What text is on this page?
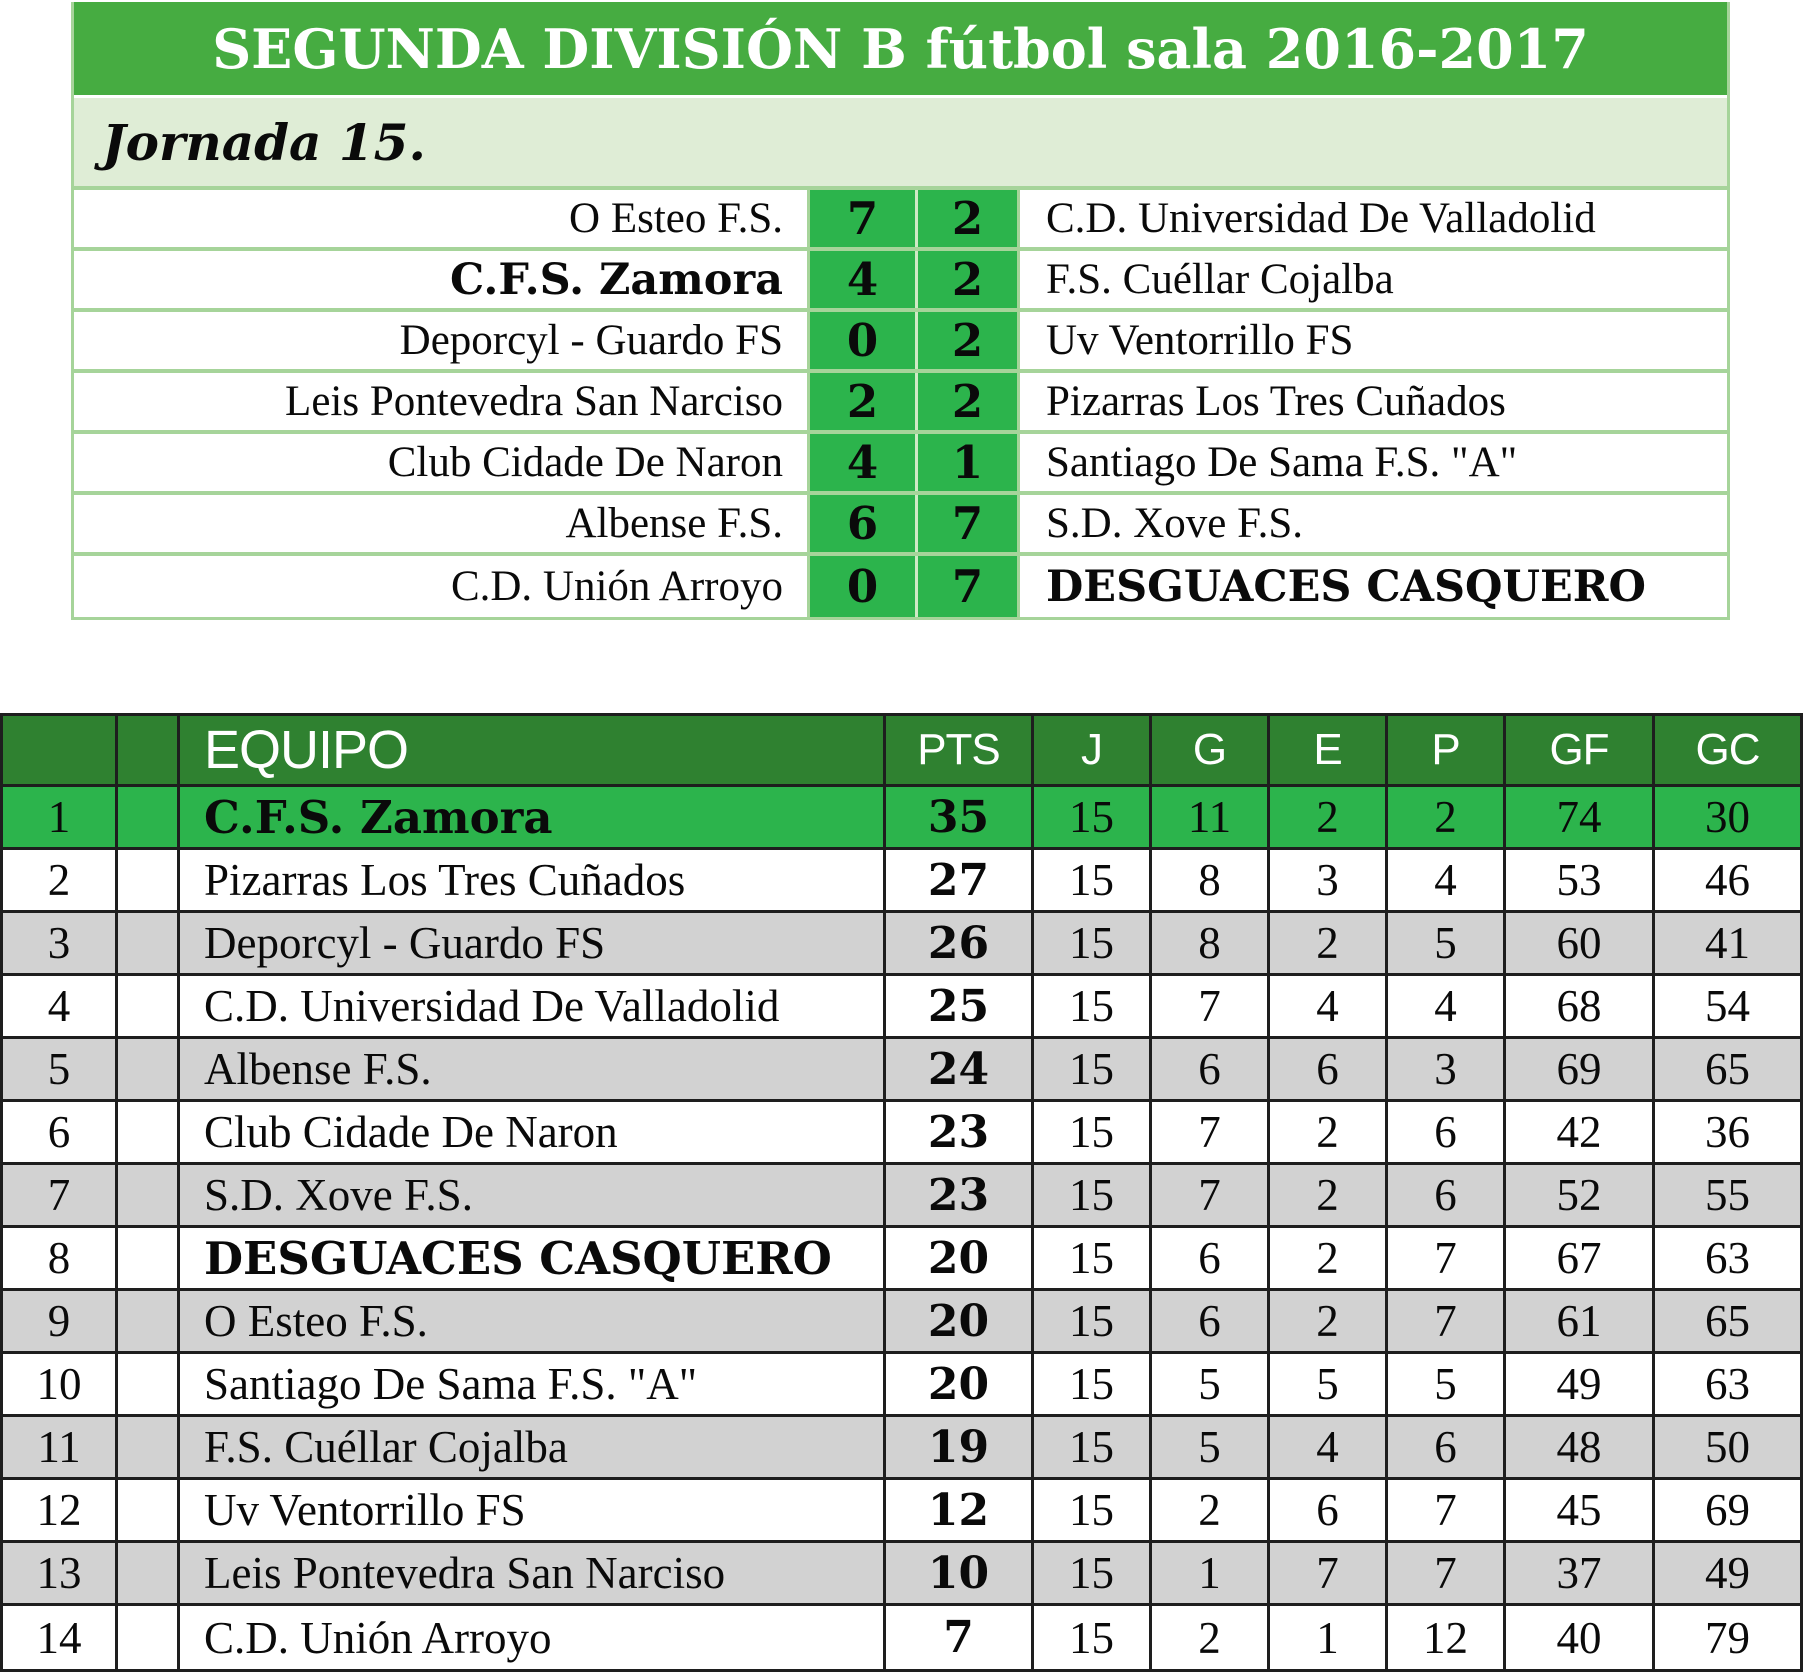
SEGUNDA DIVISIÓN B fútbol sala 2016-2017
Jornada 15.
O Esteo F.S.	7	2	C.D. Universidad De Valladolid
C.F.S. Zamora	4	2	F.S. Cuéllar Cojalba
Deporcyl - Guardo FS	0	2	Uv Ventorrillo FS
Leis Pontevedra San Narciso	2	2	Pizarras Los Tres Cuñados
Club Cidade De Naron	4	1	Santiago De Sama F.S. "A"
Albense F.S.	6	7	S.D. Xove F.S.
C.D. Unión Arroyo	0	7	DESGUACES CASQUERO
EQUIPO	PTS	J	G	E	P	GF	GC
1	C.F.S. Zamora	35	15	11	2	2	74	30
2	Pizarras Los Tres Cuñados	27	15	8	3	4	53	46
3	Deporcyl - Guardo FS	26	15	8	2	5	60	41
4	C.D. Universidad De Valladolid	25	15	7	4	4	68	54
5	Albense F.S.	24	15	6	6	3	69	65
6	Club Cidade De Naron	23	15	7	2	6	42	36
7	S.D. Xove F.S.	23	15	7	2	6	52	55
8	DESGUACES CASQUERO	20	15	6	2	7	67	63
9	O Esteo F.S.	20	15	6	2	7	61	65
10	Santiago De Sama F.S. "A"	20	15	5	5	5	49	63
11	F.S. Cuéllar Cojalba	19	15	5	4	6	48	50
12	Uv Ventorrillo FS	12	15	2	6	7	45	69
13	Leis Pontevedra San Narciso	10	15	1	7	7	37	49
14	C.D. Unión Arroyo	7	15	2	1	12	40	79
